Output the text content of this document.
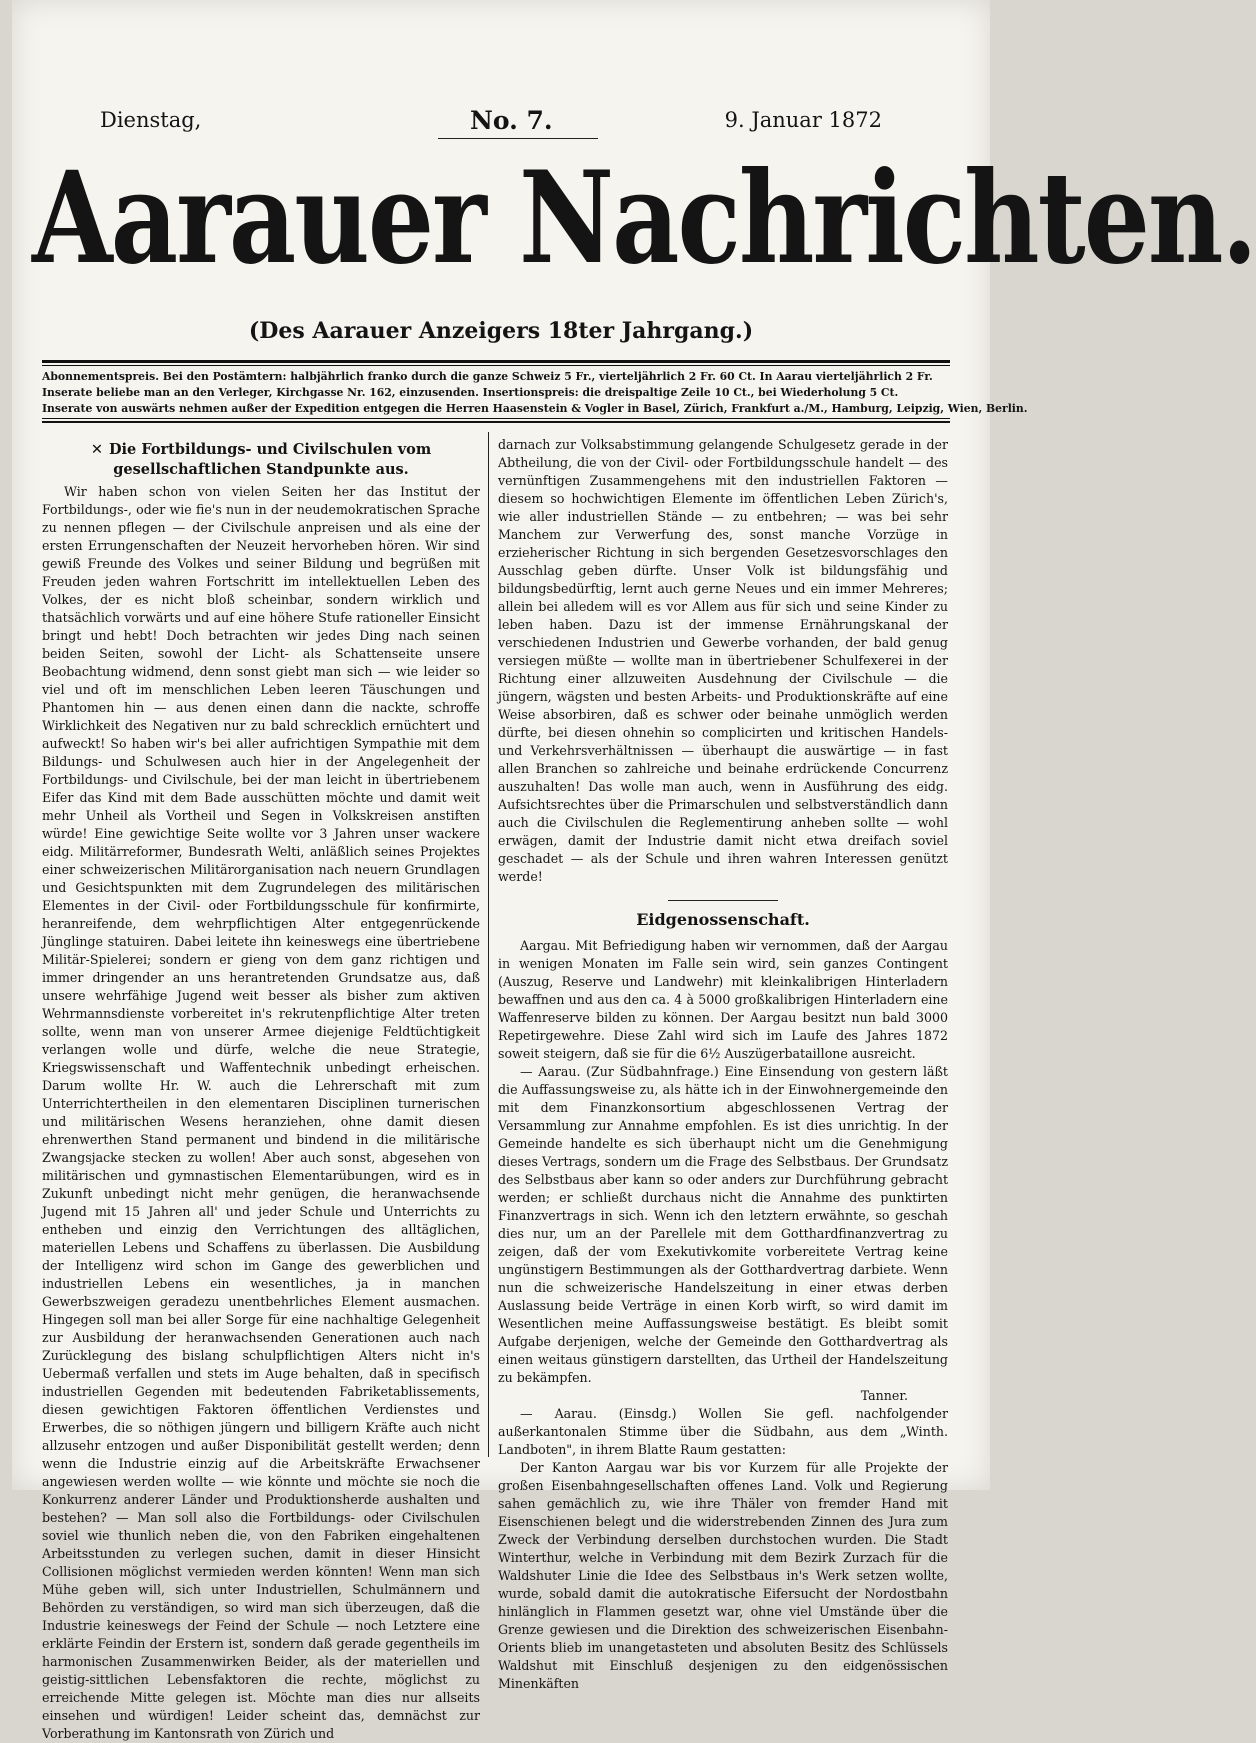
Dienstag,	No. 7.	9. Januar 1872
Aarauer Nachrichten.
(Des Aarauer Anzeigers 18ter Jahrgang.)
Abonnementspreis. Bei den Postämtern: halbjährlich franko durch die ganze Schweiz 5 Fr., vierteljährlich 2 Fr. 60 Ct. In Aarau vierteljährlich 2 Fr.
Inserate beliebe man an den Verleger, Kirchgasse Nr. 162, einzusenden. Insertionspreis: die dreispaltige Zeile 10 Ct., bei Wiederholung 5 Ct.
Inserate von auswärts nehmen außer der Expedition entgegen die Herren Haasenstein & Vogler in Basel, Zürich, Frankfurt a./M., Hamburg, Leipzig, Wien, Berlin.
✕ Die Fortbildungs- und Civilschulen vom gesellschaftlichen Standpunkte aus.

Wir haben schon von vielen Seiten her das Institut der Fortbildungs-, oder wie fie's nun in der neudemokratischen Sprache zu nennen pflegen — der Civilschule anpreisen und als eine der ersten Errungenschaften der Neuzeit hervorheben hören. Wir sind gewiß Freunde des Volkes und seiner Bildung und begrüßen mit Freuden jeden wahren Fortschritt im intellektuellen Leben des Volkes, der es nicht bloß scheinbar, sondern wirklich und thatsächlich vorwärts und auf eine höhere Stufe rationeller Einsicht bringt und hebt! Doch betrachten wir jedes Ding nach seinen beiden Seiten, sowohl der Licht- als Schattenseite unsere Beobachtung widmend, denn sonst giebt man sich — wie leider so viel und oft im menschlichen Leben leeren Täuschungen und Phantomen hin — aus denen einen dann die nackte, schroffe Wirklichkeit des Negativen nur zu bald schrecklich ernüchtert und aufweckt! So haben wir's bei aller aufrichtigen Sympathie mit dem Bildungs- und Schulwesen auch hier in der Angelegenheit der Fortbildungs- und Civilschule, bei der man leicht in übertriebenem Eifer das Kind mit dem Bade ausschütten möchte und damit weit mehr Unheil als Vortheil und Segen in Volkskreisen anstiften würde! Eine gewichtige Seite wollte vor 3 Jahren unser wackere eidg. Militärreformer, Bundesrath Welti, anläßlich seines Projektes einer schweizerischen Militärorganisation nach neuern Grundlagen und Gesichtspunkten mit dem Zugrundelegen des militärischen Elementes in der Civil- oder Fortbildungsschule für konfirmirte, heranreifende, dem wehrpflichtigen Alter entgegenrückende Jünglinge statuiren. Dabei leitete ihn keineswegs eine übertriebene Militär-Spielerei; sondern er gieng von dem ganz richtigen und immer dringender an uns herantretenden Grundsatze aus, daß unsere wehrfähige Jugend weit besser als bisher zum aktiven Wehrmannsdienste vorbereitet in's rekrutenpflichtige Alter treten sollte, wenn man von unserer Armee diejenige Feldtüchtigkeit verlangen wolle und dürfe, welche die neue Strategie, Kriegswissenschaft und Waffentechnik unbedingt erheischen. Darum wollte Hr. W. auch die Lehrerschaft mit zum Unterrichtertheilen in den elementaren Disciplinen turnerischen und militärischen Wesens heranziehen, ohne damit diesen ehrenwerthen Stand permanent und bindend in die militärische Zwangsjacke stecken zu wollen! Aber auch sonst, abgesehen von militärischen und gymnastischen Elementarübungen, wird es in Zukunft unbedingt nicht mehr genügen, die heranwachsende Jugend mit 15 Jahren all' und jeder Schule und Unterrichts zu entheben und einzig den Verrichtungen des alltäglichen, materiellen Lebens und Schaffens zu überlassen. Die Ausbildung der Intelligenz wird schon im Gange des gewerblichen und industriellen Lebens ein wesentliches, ja in manchen Gewerbszweigen geradezu unentbehrliches Element ausmachen. Hingegen soll man bei aller Sorge für eine nachhaltige Gelegenheit zur Ausbildung der heranwachsenden Generationen auch nach Zurücklegung des bislang schulpflichtigen Alters nicht in's Uebermaß verfallen und stets im Auge behalten, daß in specifisch industriellen Gegenden mit bedeutenden Fabriketablissements, diesen gewichtigen Faktoren öffentlichen Verdienstes und Erwerbes, die so nöthigen jüngern und billigern Kräfte auch nicht allzusehr entzogen und außer Disponibilität gestellt werden; denn wenn die Industrie einzig auf die Arbeitskräfte Erwachsener angewiesen werden wollte — wie könnte und möchte sie noch die Konkurrenz anderer Länder und Produktionsherde aushalten und bestehen? — Man soll also die Fortbildungs- oder Civilschulen soviel wie thunlich neben die, von den Fabriken eingehaltenen Arbeitsstunden zu verlegen suchen, damit in dieser Hinsicht Collisionen möglichst vermieden werden könnten! Wenn man sich Mühe geben will, sich unter Industriellen, Schulmännern und Behörden zu verständigen, so wird man sich überzeugen, daß die Industrie keineswegs der Feind der Schule — noch Letztere eine erklärte Feindin der Erstern ist, sondern daß gerade gegentheils im harmonischen Zusammenwirken Beider, als der materiellen und geistig-sittlichen Lebensfaktoren die rechte, möglichst zu erreichende Mitte gelegen ist. Möchte man dies nur allseits einsehen und würdigen! Leider scheint das, demnächst zur Vorberathung im Kantonsrath von Zürich und

darnach zur Volksabstimmung gelangende Schulgesetz gerade in der Abtheilung, die von der Civil- oder Fortbildungsschule handelt — des vernünftigen Zusammengehens mit den industriellen Faktoren — diesem so hochwichtigen Elemente im öffentlichen Leben Zürich's, wie aller industriellen Stände — zu entbehren; — was bei sehr Manchem zur Verwerfung des, sonst manche Vorzüge in erzieherischer Richtung in sich bergenden Gesetzesvorschlages den Ausschlag geben dürfte. Unser Volk ist bildungsfähig und bildungsbedürftig, lernt auch gerne Neues und ein immer Mehreres; allein bei alledem will es vor Allem aus für sich und seine Kinder zu leben haben. Dazu ist der immense Ernährungskanal der verschiedenen Industrien und Gewerbe vorhanden, der bald genug versiegen müßte — wollte man in übertriebener Schulfexerei in der Richtung einer allzuweiten Ausdehnung der Civilschule — die jüngern, wägsten und besten Arbeits- und Produktionskräfte auf eine Weise absorbiren, daß es schwer oder beinahe unmöglich werden dürfte, bei diesen ohnehin so complicirten und kritischen Handels- und Verkehrsverhältnissen — überhaupt die auswärtige — in fast allen Branchen so zahlreiche und beinahe erdrückende Concurrenz auszuhalten! Das wolle man auch, wenn in Ausführung des eidg. Aufsichtsrechtes über die Primarschulen und selbstverständlich dann auch die Civilschulen die Reglementirung anheben sollte — wohl erwägen, damit der Industrie damit nicht etwa dreifach soviel geschadet — als der Schule und ihren wahren Interessen genützt werde!

Eidgenossenschaft.

Aargau. Mit Befriedigung haben wir vernommen, daß der Aargau in wenigen Monaten im Falle sein wird, sein ganzes Contingent (Auszug, Reserve und Landwehr) mit kleinkalibrigen Hinterladern bewaffnen und aus den ca. 4 à 5000 großkalibrigen Hinterladern eine Waffenreserve bilden zu können. Der Aargau besitzt nun bald 3000 Repetirgewehre. Diese Zahl wird sich im Laufe des Jahres 1872 soweit steigern, daß sie für die 6½ Auszügerbataillone ausreicht.

— Aarau. (Zur Südbahnfrage.) Eine Einsendung von gestern läßt die Auffassungsweise zu, als hätte ich in der Einwohnergemeinde den mit dem Finanzkonsortium abgeschlossenen Vertrag der Versammlung zur Annahme empfohlen. Es ist dies unrichtig. In der Gemeinde handelte es sich überhaupt nicht um die Genehmigung dieses Vertrags, sondern um die Frage des Selbstbaus. Der Grundsatz des Selbstbaus aber kann so oder anders zur Durchführung gebracht werden; er schließt durchaus nicht die Annahme des punktirten Finanzvertrags in sich. Wenn ich den letztern erwähnte, so geschah dies nur, um an der Parellele mit dem Gotthardfinanzvertrag zu zeigen, daß der vom Exekutivkomite vorbereitete Vertrag keine ungünstigern Bestimmungen als der Gotthardvertrag darbiete. Wenn nun die schweizerische Handelszeitung in einer etwas derben Auslassung beide Verträge in einen Korb wirft, so wird damit im Wesentlichen meine Auffassungsweise bestätigt. Es bleibt somit Aufgabe derjenigen, welche der Gemeinde den Gotthardvertrag als einen weitaus günstigern darstellten, das Urtheil der Handelszeitung zu bekämpfen.

Tanner.

— Aarau. (Einsdg.) Wollen Sie gefl. nachfolgender außerkantonalen Stimme über die Südbahn, aus dem „Winth. Landboten", in ihrem Blatte Raum gestatten:

Der Kanton Aargau war bis vor Kurzem für alle Projekte der großen Eisenbahngesellschaften offenes Land. Volk und Regierung sahen gemächlich zu, wie ihre Thäler von fremder Hand mit Eisenschienen belegt und die widerstrebenden Zinnen des Jura zum Zweck der Verbindung derselben durchstochen wurden. Die Stadt Winterthur, welche in Verbindung mit dem Bezirk Zurzach für die Waldshuter Linie die Idee des Selbstbaus in's Werk setzen wollte, wurde, sobald damit die autokratische Eifersucht der Nordostbahn hinlänglich in Flammen gesetzt war, ohne viel Umstände über die Grenze gewiesen und die Direktion des schweizerischen Eisenbahn-Orients blieb im unangetasteten und absoluten Besitz des Schlüssels Waldshut mit Einschluß desjenigen zu den eidgenössischen Minenkäften
